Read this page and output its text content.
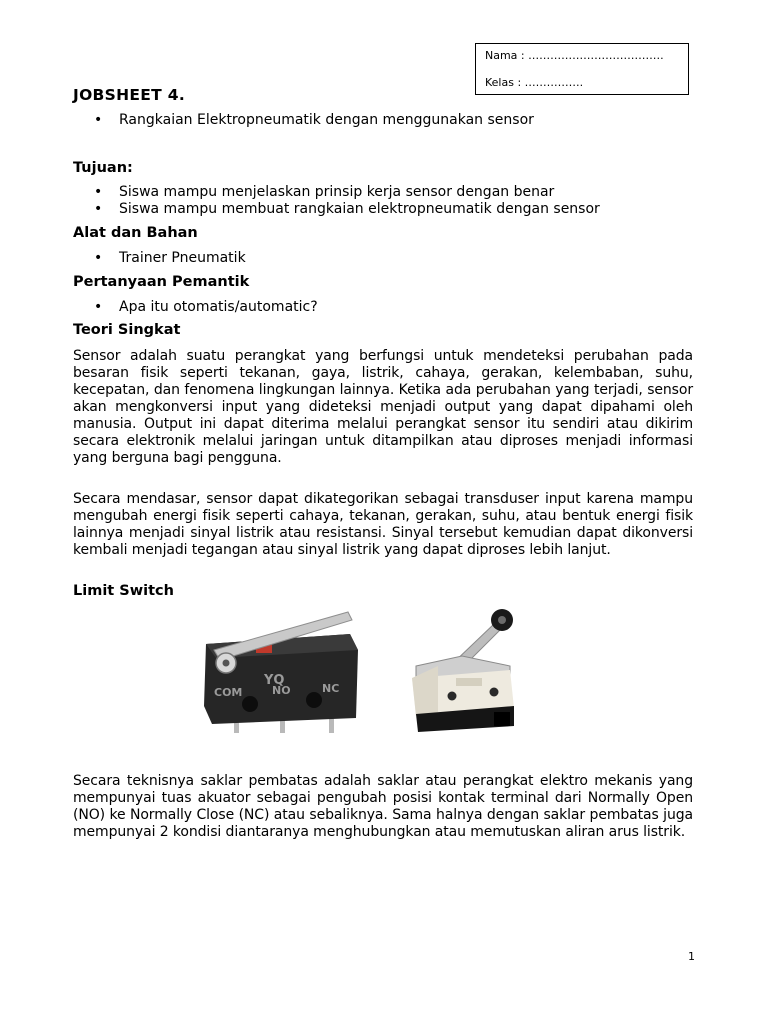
Nama : ……………………………….
Kelas : …………….
JOBSHEET 4.
• Rangkaian Elektropneumatik dengan menggunakan sensor
Tujuan:
• Siswa mampu menjelaskan prinsip kerja sensor dengan benar
• Siswa mampu membuat rangkaian elektropneumatik dengan sensor
Alat dan Bahan
• Trainer Pneumatik
Pertanyaan Pemantik
• Apa itu otomatis/automatic?
Teori Singkat

Sensor adalah suatu perangkat yang berfungsi untuk mendeteksi perubahan pada besaran fisik seperti tekanan, gaya, listrik, cahaya, gerakan, kelembaban, suhu, kecepatan, dan fenomena lingkungan lainnya. Ketika ada perubahan yang terjadi, sensor akan mengkonversi input yang dideteksi menjadi output yang dapat dipahami oleh manusia. Output ini dapat diterima melalui perangkat sensor itu sendiri atau dikirim secara elektronik melalui jaringan untuk ditampilkan atau diproses menjadi informasi yang berguna bagi pengguna.

Secara mendasar, sensor dapat dikategorikan sebagai transduser input karena mampu mengubah energi fisik seperti cahaya, tekanan, gerakan, suhu, atau bentuk energi fisik lainnya menjadi sinyal listrik atau resistansi. Sinyal tersebut kemudian dapat dikonversi kembali menjadi tegangan atau sinyal listrik yang dapat diproses lebih lanjut.

Limit Switch
YQ
COM	NO	NC

Secara teknisnya saklar pembatas adalah saklar atau perangkat elektro mekanis yang mempunyai tuas akuator sebagai pengubah posisi kontak terminal dari Normally Open (NO) ke Normally Close (NC) atau sebaliknya. Sama halnya dengan saklar pembatas juga mempunyai 2 kondisi diantaranya menghubungkan atau memutuskan aliran arus listrik.

1
